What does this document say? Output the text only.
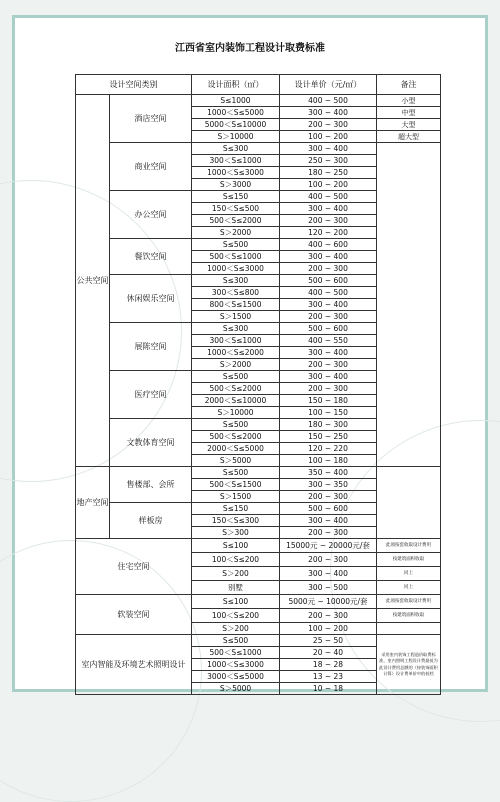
江西省室内装饰工程设计取费标准
设计空间类别		设计面积（㎡）	设计单价（元/㎡）	备注
公共空间	酒店空间	S≤1000	400 ~ 500	小型
		1000＜S≤5000	300 ~ 400	中型
		5000＜S≤10000	200 ~ 300	大型
		S＞10000	100 ~ 200	超大型
	商业空间	S≤300	300 ~ 400	
		300＜S≤1000	250 ~ 300	
		1000＜S≤3000	180 ~ 250	
		S＞3000	100 ~ 200	
	办公空间	S≤150	400 ~ 500	
		150＜S≤500	300 ~ 400	
		500＜S≤2000	200 ~ 300	
		S＞2000	120 ~ 200	
	餐饮空间	S≤500	400 ~ 600	
		500＜S≤1000	300 ~ 400	
		1000＜S≤3000	200 ~ 300	
	休闲娱乐空间	S≤300	500 ~ 600	
		300＜S≤800	400 ~ 500	
		800＜S≤1500	300 ~ 400	
		S＞1500	200 ~ 300	
	展陈空间	S≤300	500 ~ 600	
		300＜S≤1000	400 ~ 550	
		1000＜S≤2000	300 ~ 400	
		S＞2000	200 ~ 300	
	医疗空间	S≤500	300 ~ 400	
		500＜S≤2000	200 ~ 300	
		2000＜S≤10000	150 ~ 180	
		S＞10000	100 ~ 150	
	文教体育空间	S≤500	180 ~ 300	
		500＜S≤2000	150 ~ 250	
		2000＜S≤5000	120 ~ 220	
		S＞5000	100 ~ 180	
地产空间	售楼部、会所	S≤500	350 ~ 400	
		500＜S≤1500	300 ~ 350	
		S＞1500	200 ~ 300	
	样板房	S≤150	500 ~ 600	
		150＜S≤300	300 ~ 400	
		S＞300	200 ~ 300	
住宅空间		S≤100	15000元 ~ 20000元/套	此项按套收取设计费用
		100＜S≤200	200 ~ 300	按建筑面积收取
		S＞200	300 ~ 400	同上
		别墅	300 ~ 500	同上
软装空间		S≤100	5000元 ~ 10000元/套	此项按套收取设计费用
		100＜S≤200	200 ~ 300	按建筑面积收取
		S＞200	100 ~ 200	
室内智能及环境艺术照明设计		S≤500	25 ~ 50	采用室内装饰工程造价取费标准，室内照明工程设计费最低为此设计费用总额的（按装饰面积计算）设计费单价中的低档
		500＜S≤1000	20 ~ 40	
		1000＜S≤3000	18 ~ 28	
		3000＜S≤5000	13 ~ 23	
		S＞5000	10 ~ 18	
